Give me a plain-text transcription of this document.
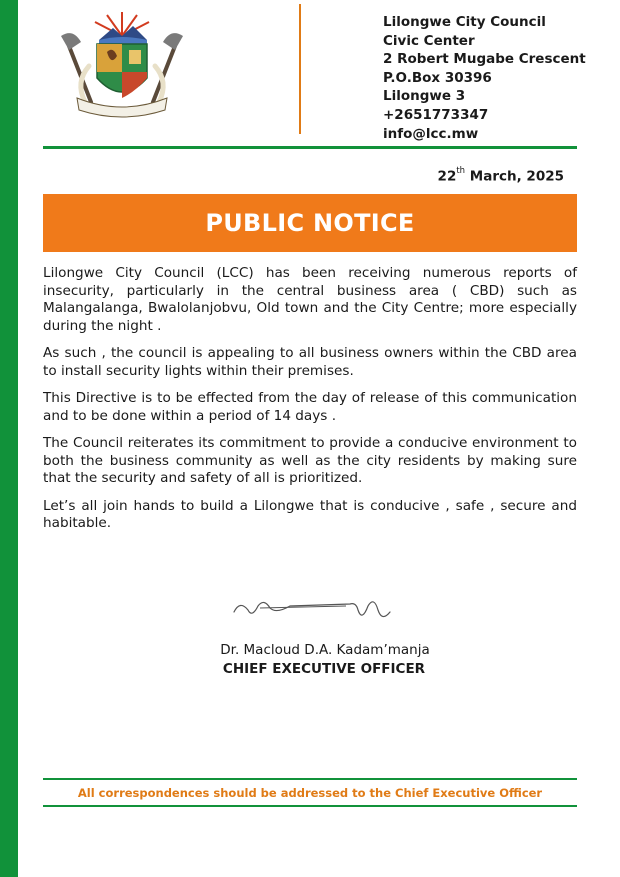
Lilongwe City Council
Civic Center
2 Robert Mugabe Crescent
P.O.Box 30396
Lilongwe 3
+2651773347
info@lcc.mw
22th March, 2025
PUBLIC NOTICE

Lilongwe City Council (LCC) has been receiving numerous reports of insecurity, particularly in the central business area ( CBD) such as Malangalanga, Bwalolanjobvu, Old town and the City Centre; more especially during the night .

As such , the council is appealing to all business owners within the CBD area to install security lights within their premises.

This Directive is to be effected from the day of release of this communication and to be done within a period of 14 days .

The Council reiterates its commitment to provide a conducive environment to both the business community as well as the city residents by making sure that the security and safety of all is prioritized.

Let’s all join hands to build a Lilongwe that is conducive , safe , secure and habitable.

Dr. Macloud D.A. Kadam’manja
CHIEF EXECUTIVE OFFICER
All correspondences should be addressed to the Chief Executive Officer
